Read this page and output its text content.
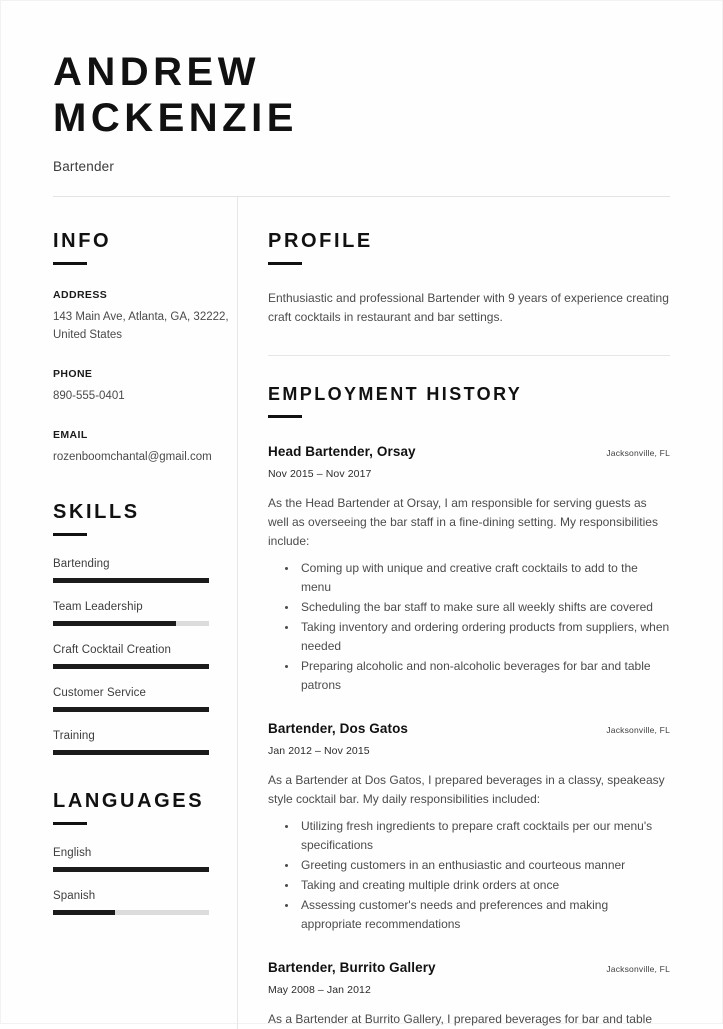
ANDREW
MCKENZIE
Bartender
INFO
ADDRESS
143 Main Ave, Atlanta, GA, 32222, United States
PHONE
890-555-0401
EMAIL
rozenboomchantal@gmail.com
SKILLS
Bartending
Team Leadership
Craft Cocktail Creation
Customer Service
Training
LANGUAGES
English
Spanish
PROFILE
Enthusiastic and professional Bartender with 9 years of experience creating craft cocktails in restaurant and bar settings.
EMPLOYMENT HISTORY
Head Bartender, Orsay	Jacksonville, FL
Nov 2015 – Nov 2017
As the Head Bartender at Orsay, I am responsible for serving guests as well as overseeing the bar staff in a fine-dining setting. My responsibilities include:
• Coming up with unique and creative craft cocktails to add to the menu
• Scheduling the bar staff to make sure all weekly shifts are covered
• Taking inventory and ordering ordering products from suppliers, when needed
• Preparing alcoholic and non-alcoholic beverages for bar and table patrons
Bartender, Dos Gatos	Jacksonville, FL
Jan 2012 – Nov 2015
As a Bartender at Dos Gatos, I prepared beverages in a classy, speakeasy style cocktail bar. My daily responsibilities included:
• Utilizing fresh ingredients to prepare craft cocktails per our menu's specifications
• Greeting customers in an enthusiastic and courteous manner
• Taking and creating multiple drink orders at once
• Assessing customer's needs and preferences and making appropriate recommendations
Bartender, Burrito Gallery	Jacksonville, FL
May 2008 – Jan 2012
As a Bartender at Burrito Gallery, I prepared beverages for bar and table
